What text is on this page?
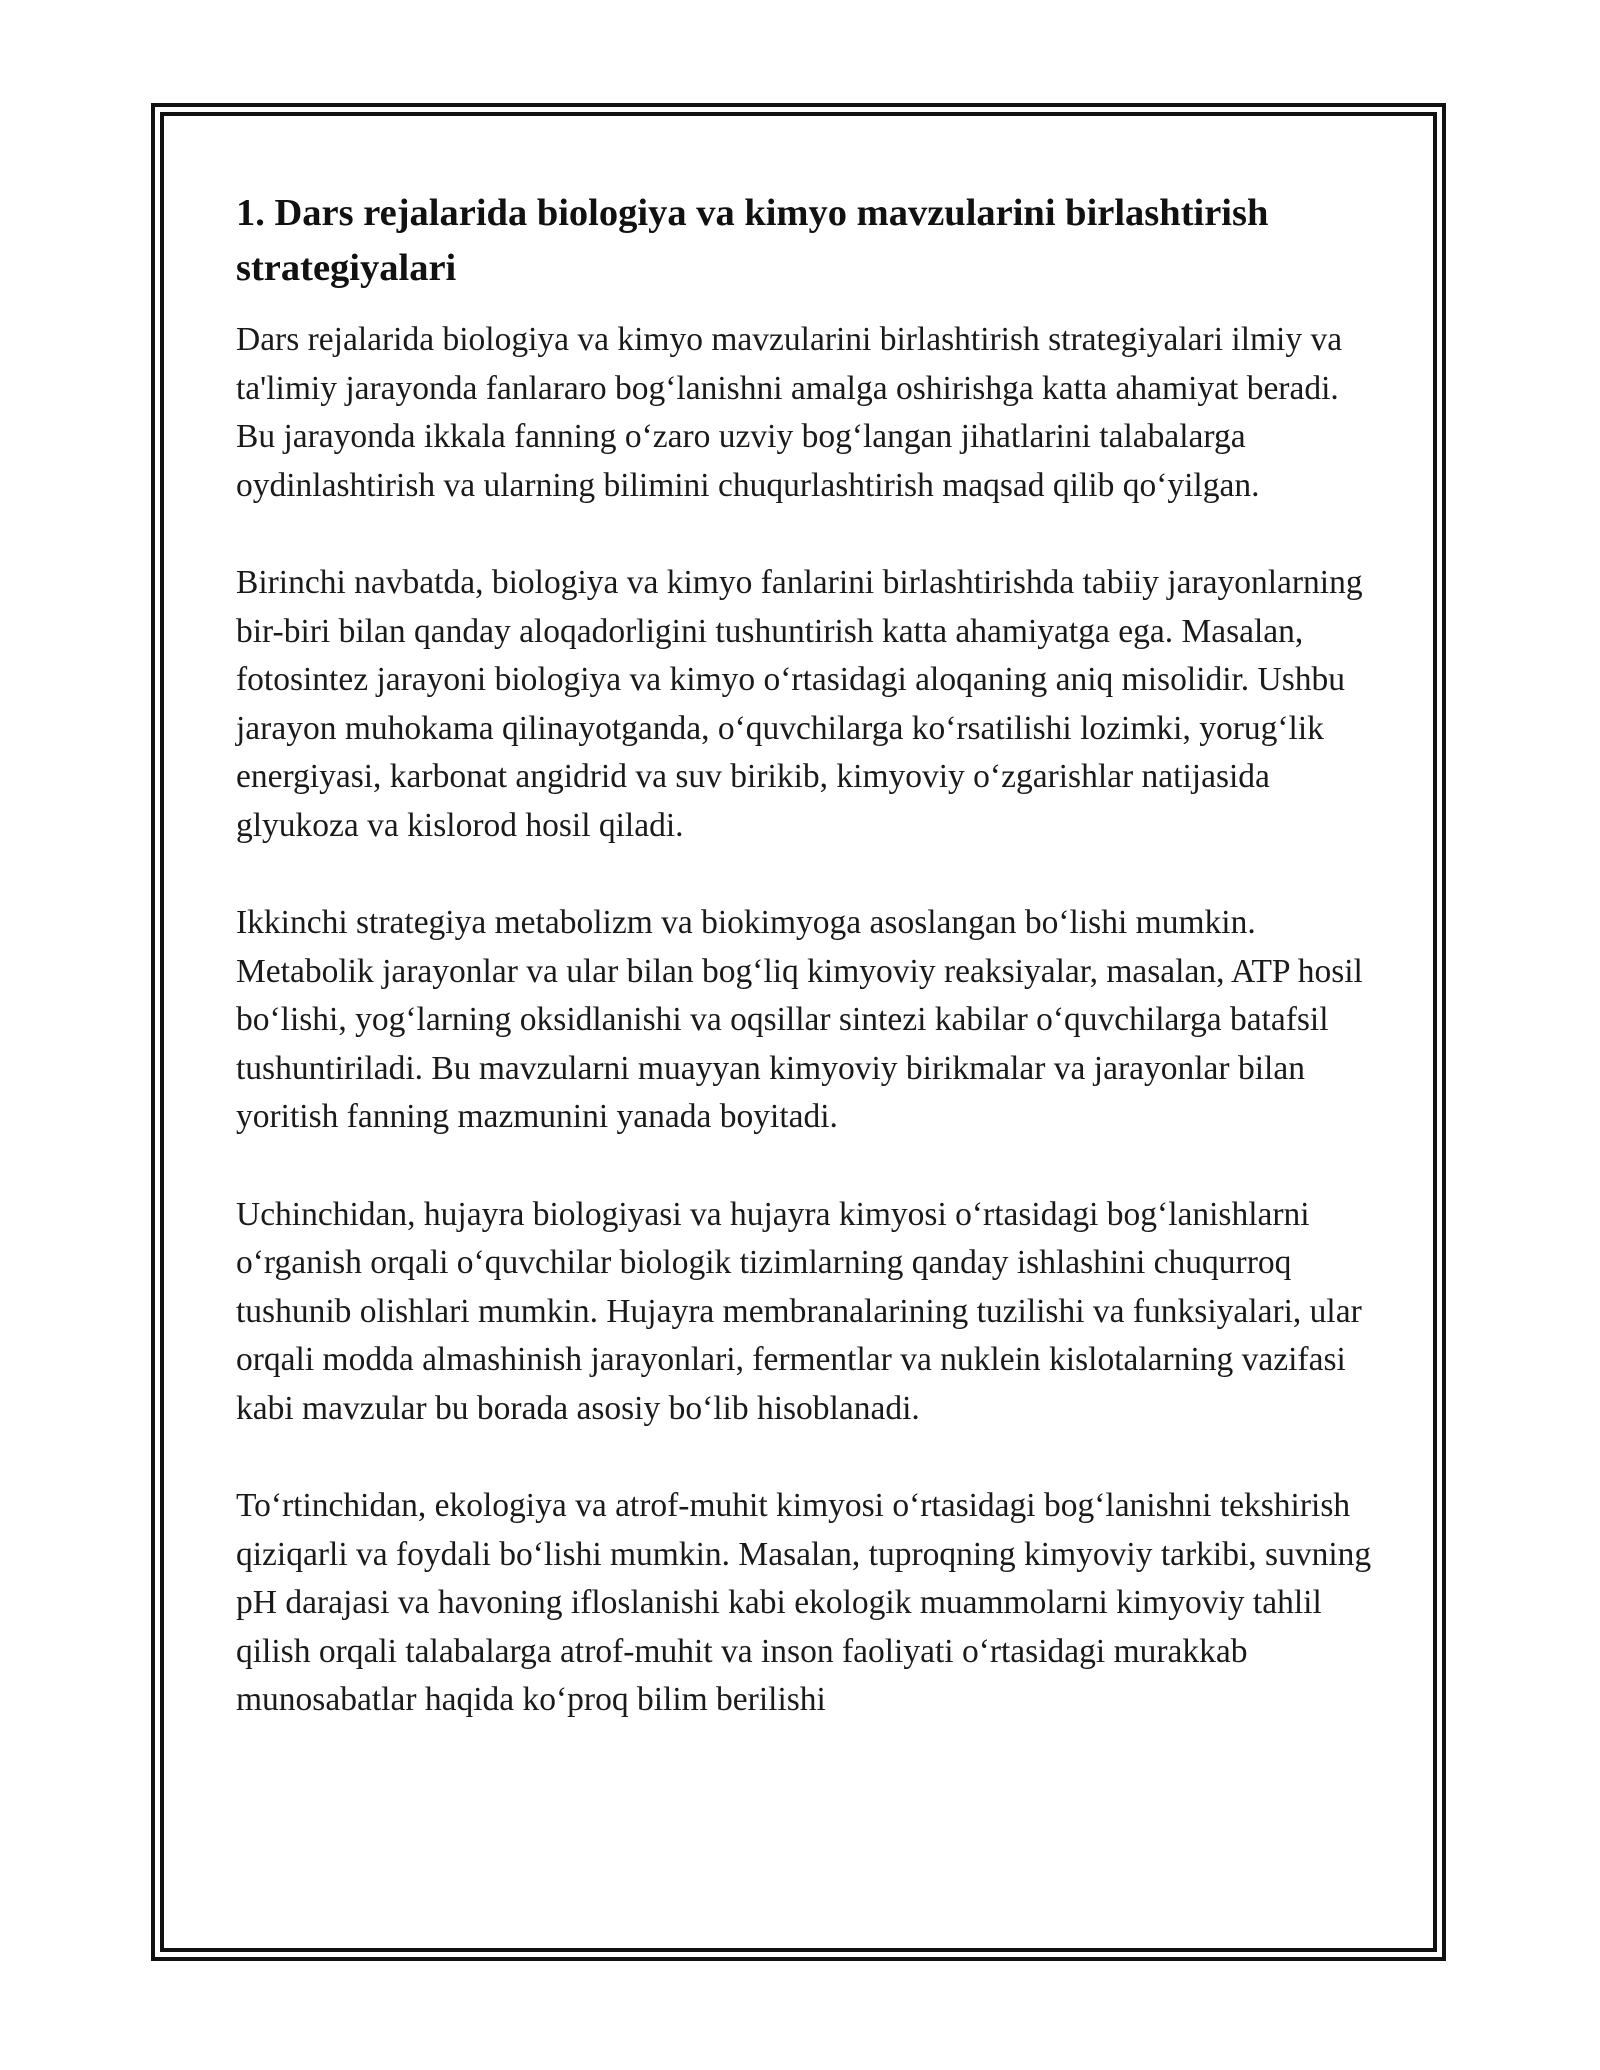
1. Dars rejalarida biologiya va kimyo mavzularini birlashtirish strategiyalari

Dars rejalarida biologiya va kimyo mavzularini birlashtirish strategiyalari ilmiy va ta'limiy jarayonda fanlararo bog‘lanishni amalga oshirishga katta ahamiyat beradi. Bu jarayonda ikkala fanning o‘zaro uzviy bog‘langan jihatlarini talabalarga oydinlashtirish va ularning bilimini chuqurlashtirish maqsad qilib qo‘yilgan.

Birinchi navbatda, biologiya va kimyo fanlarini birlashtirishda tabiiy jarayonlarning bir-biri bilan qanday aloqadorligini tushuntirish katta ahamiyatga ega. Masalan, fotosintez jarayoni biologiya va kimyo o‘rtasidagi aloqaning aniq misolidir. Ushbu jarayon muhokama qilinayotganda, o‘quvchilarga ko‘rsatilishi lozimki, yorug‘lik energiyasi, karbonat angidrid va suv birikib, kimyoviy o‘zgarishlar natijasida glyukoza va kislorod hosil qiladi.

Ikkinchi strategiya metabolizm va biokimyoga asoslangan bo‘lishi mumkin. Metabolik jarayonlar va ular bilan bog‘liq kimyoviy reaksiyalar, masalan, ATP hosil bo‘lishi, yog‘larning oksidlanishi va oqsillar sintezi kabilar o‘quvchilarga batafsil tushuntiriladi. Bu mavzularni muayyan kimyoviy birikmalar va jarayonlar bilan yoritish fanning mazmunini yanada boyitadi.

Uchinchidan, hujayra biologiyasi va hujayra kimyosi o‘rtasidagi bog‘lanishlarni o‘rganish orqali o‘quvchilar biologik tizimlarning qanday ishlashini chuqurroq tushunib olishlari mumkin. Hujayra membranalarining tuzilishi va funksiyalari, ular orqali modda almashinish jarayonlari, fermentlar va nuklein kislotalarning vazifasi kabi mavzular bu borada asosiy bo‘lib hisoblanadi.

To‘rtinchidan, ekologiya va atrof-muhit kimyosi o‘rtasidagi bog‘lanishni tekshirish qiziqarli va foydali bo‘lishi mumkin. Masalan, tuproqning kimyoviy tarkibi, suvning pH darajasi va havoning ifloslanishi kabi ekologik muammolarni kimyoviy tahlil qilish orqali talabalarga atrof-muhit va inson faoliyati o‘rtasidagi murakkab munosabatlar haqida ko‘proq bilim berilishi
